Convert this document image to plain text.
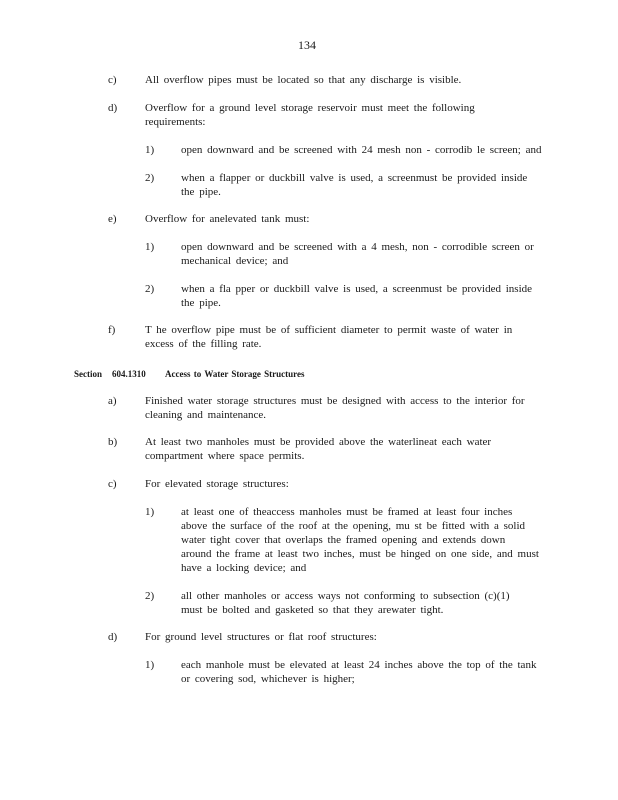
134
c)	All overflow pipes must be located so that any discharge is visible.
d)	Overflow for a ground level storage reservoir must meet the following
requirements:
1) open downward and be screened with 24 mesh non - corrodib le screen; and
2) when a flapper or duckbill valve is used, a screenmust be provided inside
the pipe.
e)	Overflow for anelevated tank must:
1) open downward and be screened with a 4 mesh, non - corrodible screen or
mechanical device; and
2) when a fla pper or duckbill valve is used, a screenmust be provided inside
the pipe.
f)	T he overflow pipe must be of sufficient diameter to permit waste of water in
excess of the filling rate.
Section 604.1310 Access to Water Storage Structures
a)	Finished water storage structures must be designed with access to the interior for
cleaning and maintenance.
b)	At least two manholes must be provided above the waterlineat each water
compartment where space permits.
c)	For elevated storage structures:
1) at least one of theaccess manholes must be framed at least four inches
above the surface of the roof at the opening, mu st be fitted with a solid
water tight cover that overlaps the framed opening and extends down
around the frame at least two inches, must be hinged on one side, and must
have a locking device; and
2) all other manholes or access ways not conforming to subsection (c)(1)
must be bolted and gasketed so that they arewater tight.
d)	For ground level structures or flat roof structures:
1) each manhole must be elevated at least 24 inches above the top of the tank
or covering sod, whichever is higher;
